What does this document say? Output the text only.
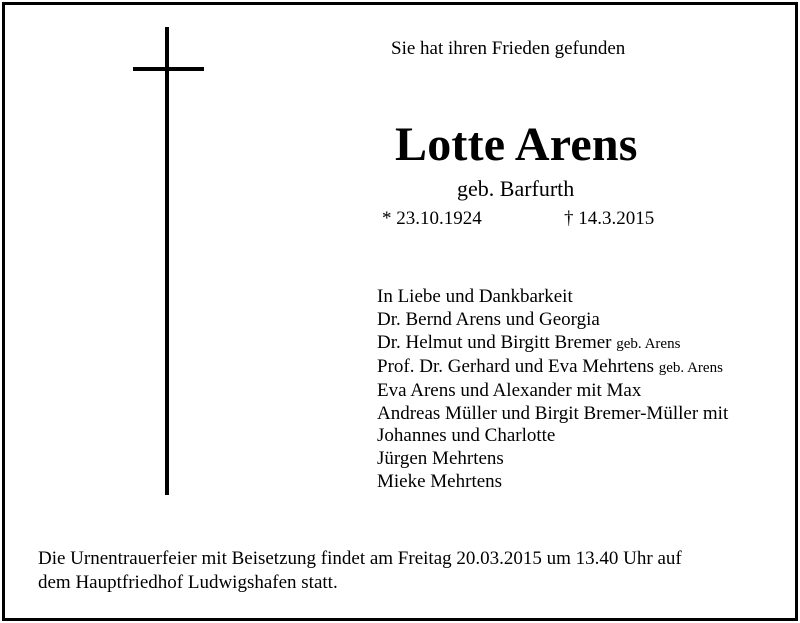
Sie hat ihren Frieden gefunden
Lotte Arens
geb. Barfurth
* 23.10.1924	† 14.3.2015
In Liebe und Dankbarkeit
Dr. Bernd Arens und Georgia
Dr. Helmut und Birgitt Bremer geb. Arens
Prof. Dr. Gerhard und Eva Mehrtens geb. Arens
Eva Arens und Alexander mit Max
Andreas Müller und Birgit Bremer-Müller mit
Johannes und Charlotte
Jürgen Mehrtens
Mieke Mehrtens
Die Urnentrauerfeier mit Beisetzung findet am Freitag 20.03.2015 um 13.40 Uhr auf
dem Hauptfriedhof Ludwigshafen statt.
